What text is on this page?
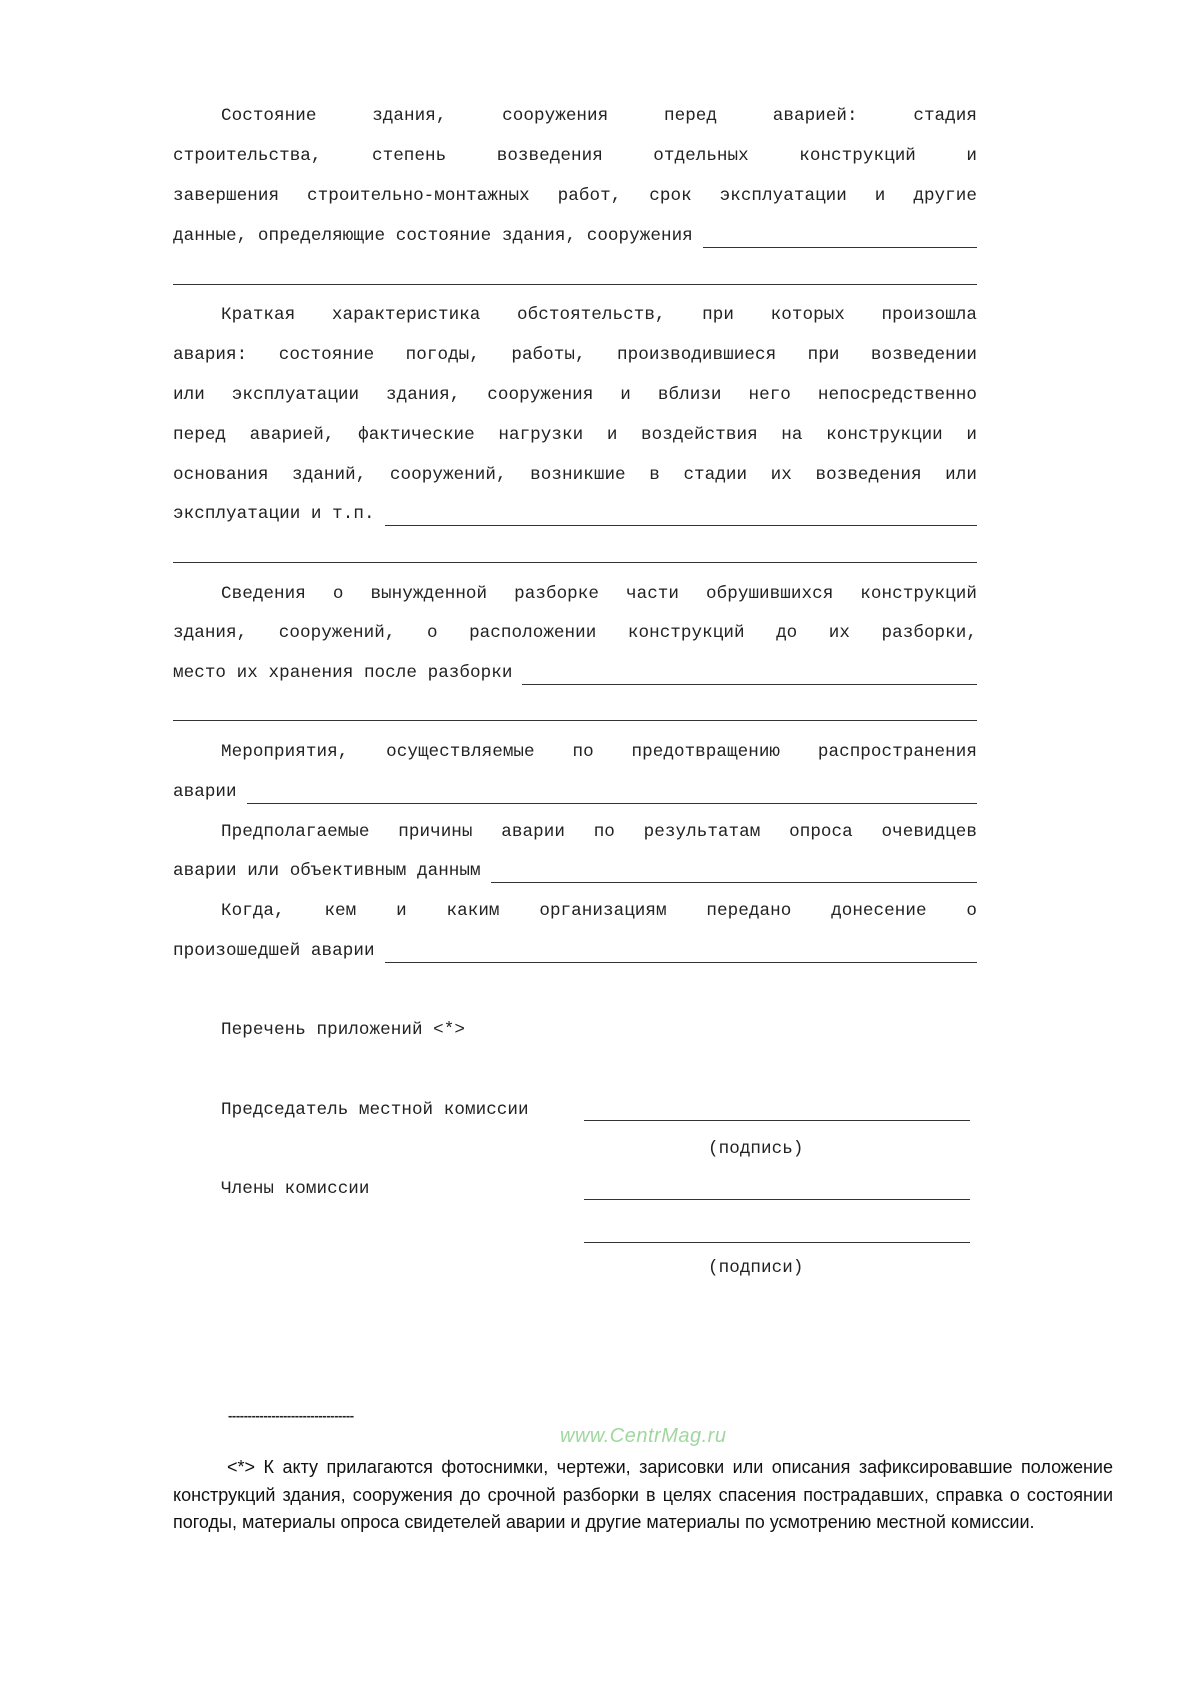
Состояние здания, сооружения перед аварией: стадия
строительства, степень возведения отдельных конструкций и
завершения строительно-монтажных работ, срок эксплуатации и другие
данные, определяющие состояние здания, сооружения
Краткая характеристика обстоятельств, при которых произошла
авария: состояние погоды, работы, производившиеся при возведении
или эксплуатации здания, сооружения и вблизи него непосредственно
перед аварией, фактические нагрузки и воздействия на конструкции и
основания зданий, сооружений, возникшие в стадии их возведения или
эксплуатации и т.п.
Сведения о вынужденной разборке части обрушившихся конструкций
здания, сооружений, о расположении конструкций до их разборки,
место их хранения после разборки
Мероприятия, осуществляемые по предотвращению распространения
аварии
Предполагаемые причины аварии по результатам опроса очевидцев
аварии или объективным данным
Когда, кем и каким организациям передано донесение о
произошедшей аварии
Перечень приложений <*>
Председатель местной комиссии
(подпись)
Члены комиссии
(подписи)
--------------------------------
www.CentrMag.ru

<*> К акту прилагаются фотоснимки, чертежи, зарисовки или описания зафиксировавшие положение конструкций здания, сооружения до срочной разборки в целях спасения пострадавших, справка о состоянии погоды, материалы опроса свидетелей аварии и другие материалы по усмотрению местной комиссии.
